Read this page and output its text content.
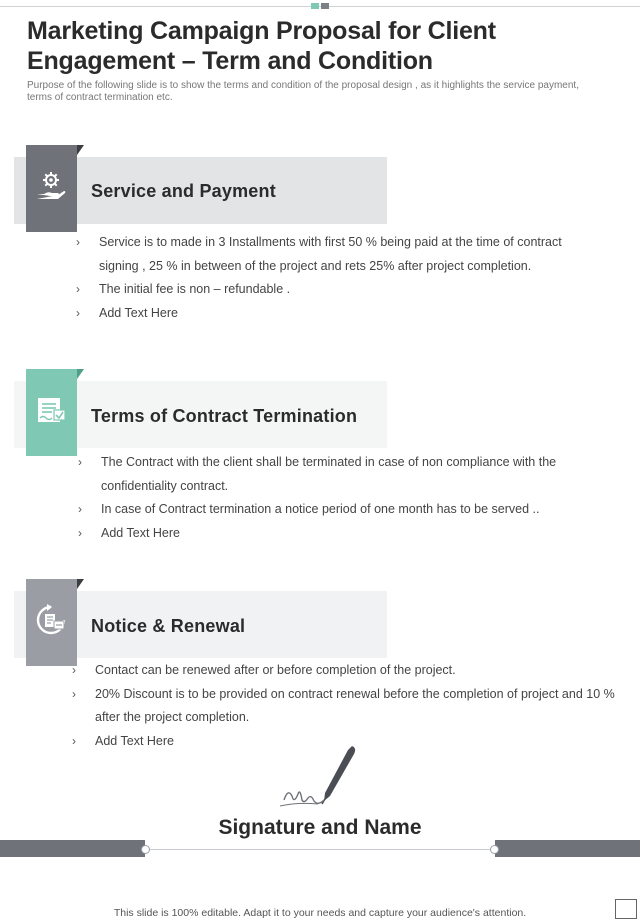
Marketing Campaign Proposal for Client Engagement – Term and Condition

Purpose of the following slide is to show the terms and condition of the proposal design , as it highlights the service payment, terms of contract termination etc.

Service and Payment
› Service is to made in 3 Installments with first 50 % being paid at the time of contract signing , 25 % in between of the project and rets 25% after project completion.
› The initial fee is non – refundable .
› Add Text Here
Terms of Contract Termination
› The Contract with the client shall be terminated in case of non compliance with the confidentiality contract.
› In case of Contract termination a notice period of one month has to be served ..
› Add Text Here
Notice & Renewal
› Contact can be renewed after or before completion of the project.
› 20% Discount is to be provided on contract renewal before the completion of project and 10 % after the project completion.
› Add Text Here
Signature and Name
This slide is 100% editable. Adapt it to your needs and capture your audience's attention.
